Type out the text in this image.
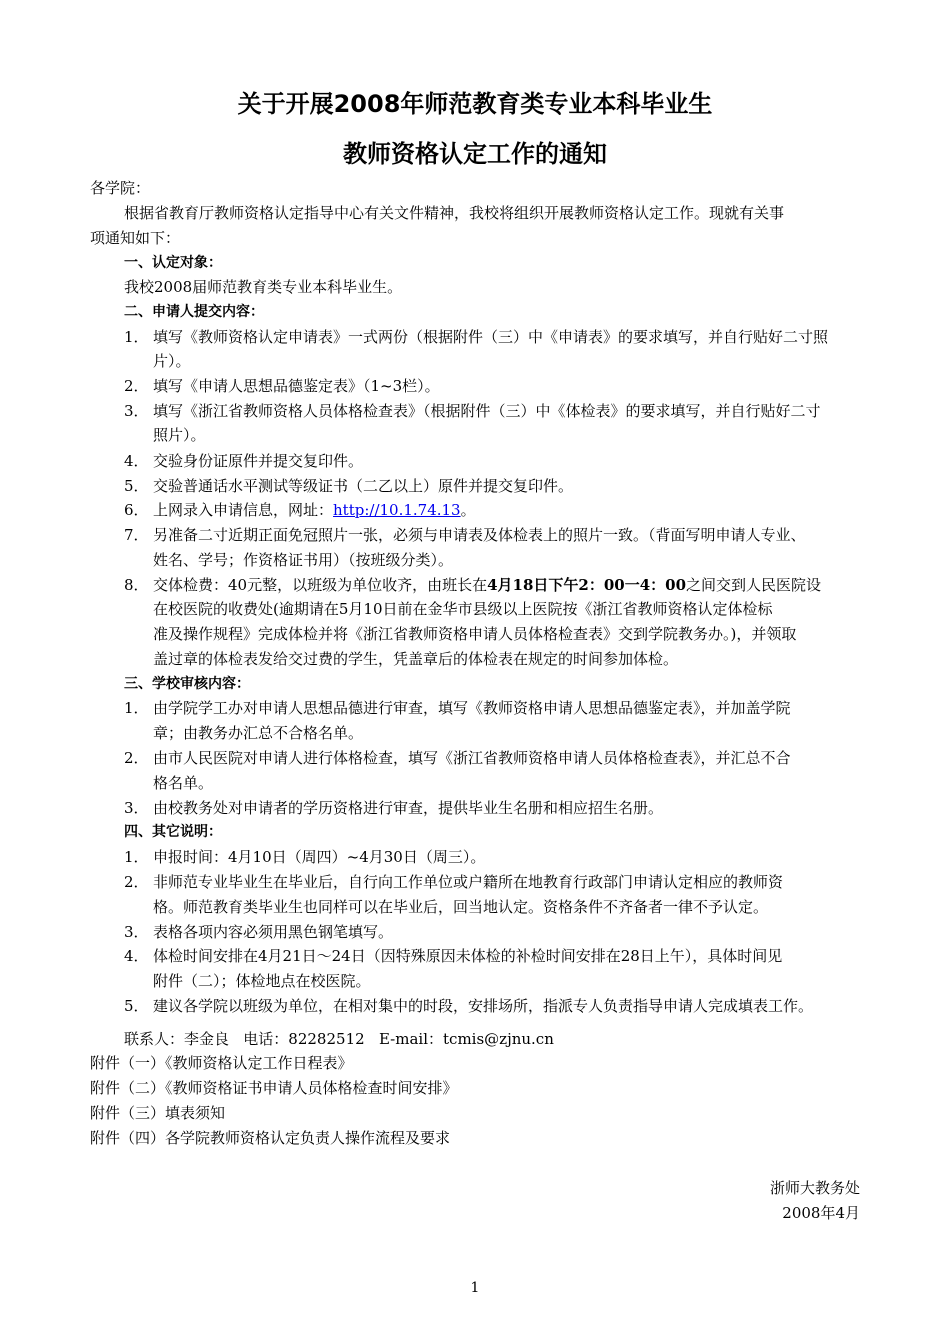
关于开展2008年师范教育类专业本科毕业生
教师资格认定工作的通知
各学院：
根据省教育厅教师资格认定指导中心有关文件精神，我校将组织开展教师资格认定工作。现就有关事
项通知如下：
一、认定对象：
我校2008届师范教育类专业本科毕业生。
二、申请人提交内容：
1． 填写《教师资格认定申请表》一式两份（根据附件（三）中《申请表》的要求填写，并自行贴好二寸照
片）。
2． 填写《申请人思想品德鉴定表》（1~3栏）。
3． 填写《浙江省教师资格人员体格检查表》（根据附件（三）中《体检表》的要求填写，并自行贴好二寸
照片）。
4． 交验身份证原件并提交复印件。
5． 交验普通话水平测试等级证书（二乙以上）原件并提交复印件。
6． 上网录入申请信息，网址：http://10.1.74.13。
7． 另准备二寸近期正面免冠照片一张，必须与申请表及体检表上的照片一致。（背面写明申请人专业、
姓名、学号；作资格证书用）（按班级分类）。
8． 交体检费：40元整，以班级为单位收齐，由班长在4月18日下午2：00一4：00之间交到人民医院设
在校医院的收费处(逾期请在5月10日前在金华市县级以上医院按《浙江省教师资格认定体检标
准及操作规程》完成体检并将《浙江省教师资格申请人员体格检查表》交到学院教务办。)，并领取
盖过章的体检表发给交过费的学生，凭盖章后的体检表在规定的时间参加体检。
三、学校审核内容：
1． 由学院学工办对申请人思想品德进行审查，填写《教师资格申请人思想品德鉴定表》，并加盖学院
章；由教务办汇总不合格名单。
2． 由市人民医院对申请人进行体格检查，填写《浙江省教师资格申请人员体格检查表》，并汇总不合
格名单。
3． 由校教务处对申请者的学历资格进行审查，提供毕业生名册和相应招生名册。
四、其它说明：
1． 申报时间：4月10日（周四）~4月30日（周三）。
2． 非师范专业毕业生在毕业后，自行向工作单位或户籍所在地教育行政部门申请认定相应的教师资
格。师范教育类毕业生也同样可以在毕业后，回当地认定。资格条件不齐备者一律不予认定。
3． 表格各项内容必须用黑色钢笔填写。
4． 体检时间安排在4月21日～24日（因特殊原因未体检的补检时间安排在28日上午），具体时间见
附件（二）；体检地点在校医院。
5． 建议各学院以班级为单位，在相对集中的时段，安排场所，指派专人负责指导申请人完成填表工作。
联系人：李金良   电话：82282512   E-mail：tcmis@zjnu.cn
附件（一）《教师资格认定工作日程表》
附件（二）《教师资格证书申请人员体格检查时间安排》
附件（三）填表须知
附件（四）各学院教师资格认定负责人操作流程及要求
浙师大教务处
2008年4月
1
